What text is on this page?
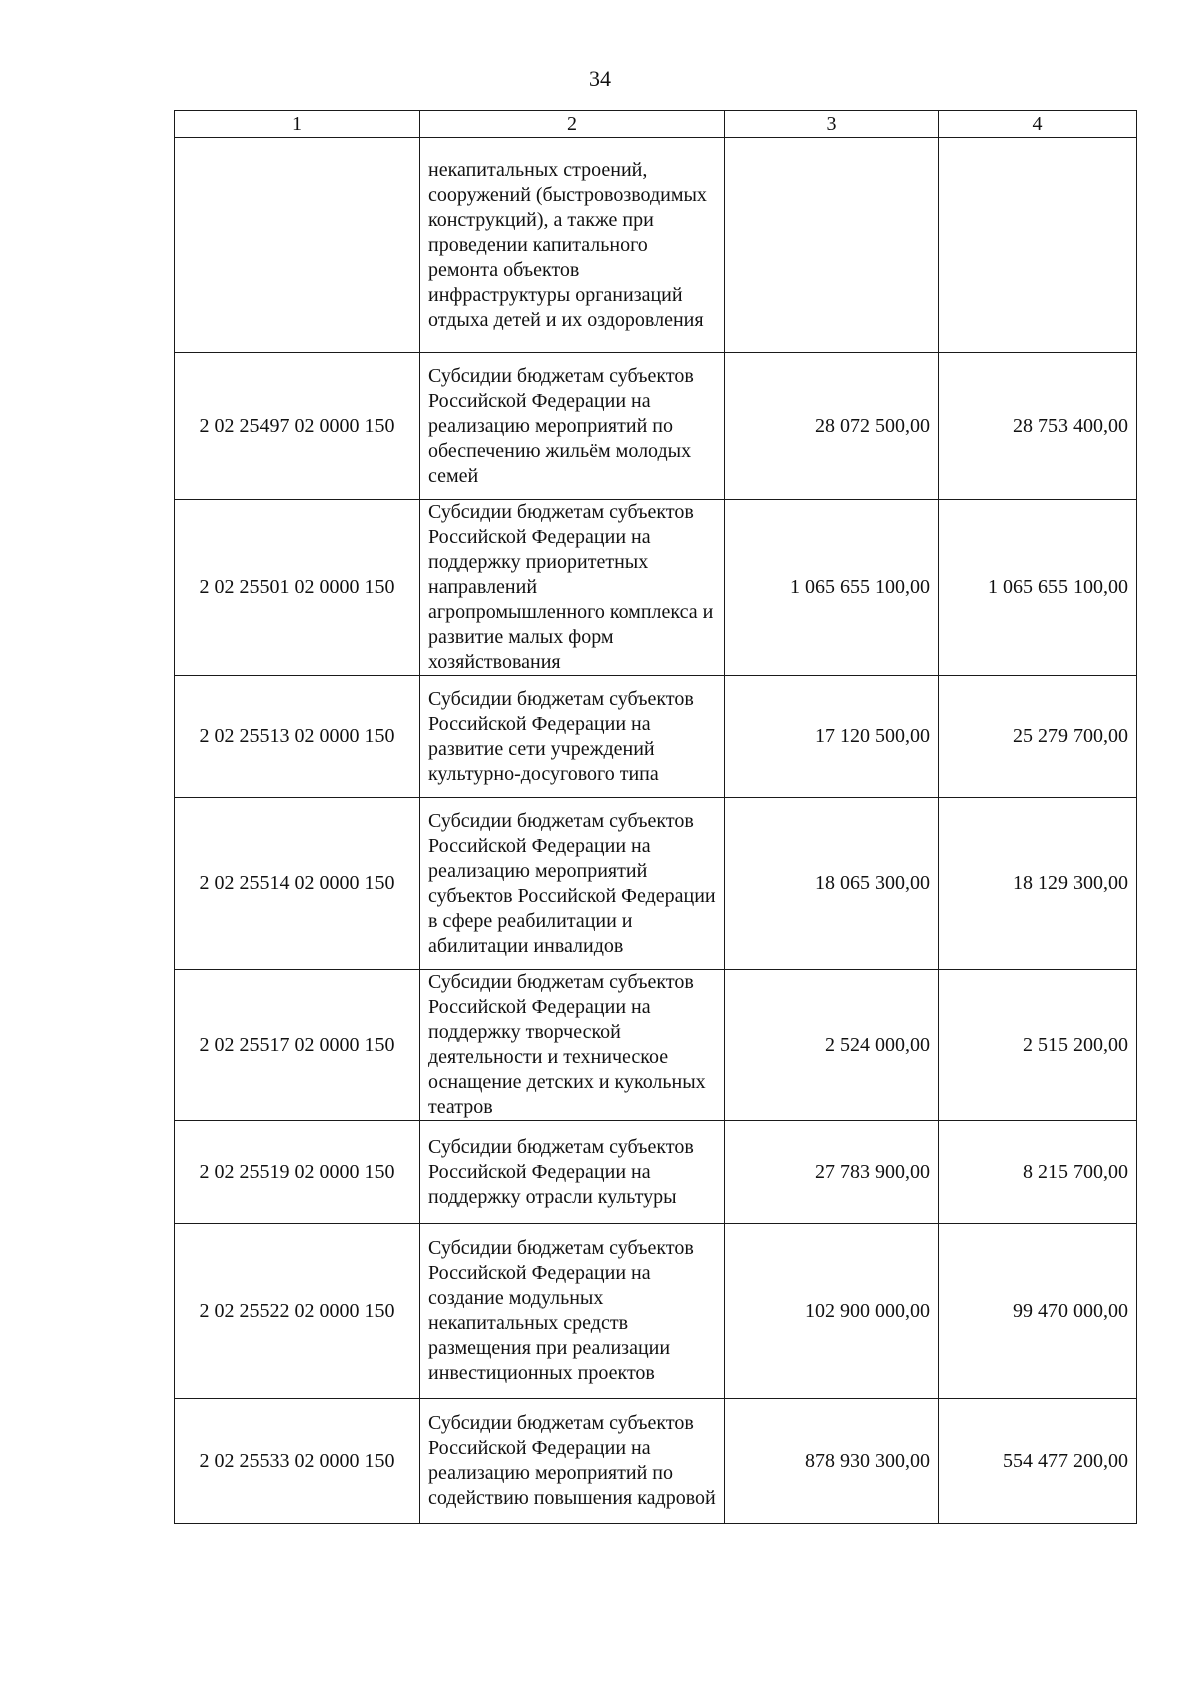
34
1	2	3	4

	некапитальных строений, сооружений (быстровозводимых конструкций), а также при проведении капитального ремонта объектов инфраструктуры организаций отдыха детей и их оздоровления		

2 02 25497 02 0000 150	Субсидии бюджетам субъектов Российской Федерации на реализацию мероприятий по обеспечению жильём молодых семей	28 072 500,00	28 753 400,00
2 02 25501 02 0000 150	Субсидии бюджетам субъектов Российской Федерации на поддержку приоритетных направлений агропромышленного комплекса и развитие малых форм хозяйствования	1 065 655 100,00	1 065 655 100,00
2 02 25513 02 0000 150	Субсидии бюджетам субъектов Российской Федерации на развитие сети учреждений культурно-досугового типа	17 120 500,00	25 279 700,00
2 02 25514 02 0000 150	Субсидии бюджетам субъектов Российской Федерации на реализацию мероприятий субъектов Российской Федерации в сфере реабилитации и абилитации инвалидов	18 065 300,00	18 129 300,00
2 02 25517 02 0000 150	Субсидии бюджетам субъектов Российской Федерации на поддержку творческой деятельности и техническое оснащение детских и кукольных театров	2 524 000,00	2 515 200,00
2 02 25519 02 0000 150	Субсидии бюджетам субъектов Российской Федерации на поддержку отрасли культуры	27 783 900,00	8 215 700,00
2 02 25522 02 0000 150	Субсидии бюджетам субъектов Российской Федерации на создание модульных некапитальных средств размещения при реализации инвестиционных проектов	102 900 000,00	99 470 000,00
2 02 25533 02 0000 150	Субсидии бюджетам субъектов Российской Федерации на реализацию мероприятий по содействию повышения кадровой	878 930 300,00	554 477 200,00
